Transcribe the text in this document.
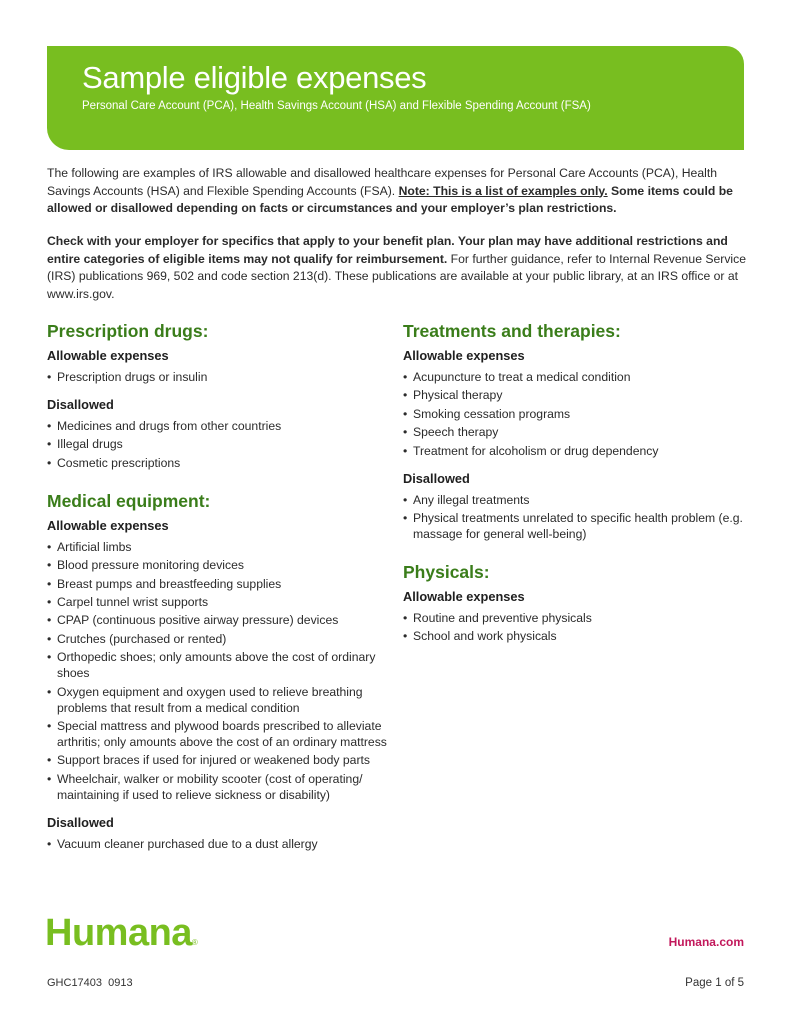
Sample eligible expenses
Personal Care Account (PCA), Health Savings Account (HSA) and Flexible Spending Account (FSA)

The following are examples of IRS allowable and disallowed healthcare expenses for Personal Care Accounts (PCA), Health Savings Accounts (HSA) and Flexible Spending Accounts (FSA). Note: This is a list of examples only. Some items could be allowed or disallowed depending on facts or circumstances and your employer’s plan restrictions.

Check with your employer for specifics that apply to your benefit plan. Your plan may have additional restrictions and entire categories of eligible items may not qualify for reimbursement. For further guidance, refer to Internal Revenue Service (IRS) publications 969, 502 and code section 213(d). These publications are available at your public library, at an IRS office or at www.irs.gov.

Prescription drugs:
Allowable expenses
• Prescription drugs or insulin
Disallowed
• Medicines and drugs from other countries
• Illegal drugs
• Cosmetic prescriptions
Medical equipment:
Allowable expenses
• Artificial limbs
• Blood pressure monitoring devices
• Breast pumps and breastfeeding supplies
• Carpel tunnel wrist supports
• CPAP (continuous positive airway pressure) devices
• Crutches (purchased or rented)
• Orthopedic shoes; only amounts above the cost of ordinary shoes
• Oxygen equipment and oxygen used to relieve breathing problems that result from a medical condition
• Special mattress and plywood boards prescribed to alleviate arthritis; only amounts above the cost of an ordinary mattress
• Support braces if used for injured or weakened body parts
• Wheelchair, walker or mobility scooter (cost of operating/ maintaining if used to relieve sickness or disability)
Disallowed
• Vacuum cleaner purchased due to a dust allergy
Treatments and therapies:
Allowable expenses
• Acupuncture to treat a medical condition
• Physical therapy
• Smoking cessation programs
• Speech therapy
• Treatment for alcoholism or drug dependency
Disallowed
• Any illegal treatments
• Physical treatments unrelated to specific health problem (e.g. massage for general well-being)
Physicals:
Allowable expenses
• Routine and preventive physicals
• School and work physicals
Humana®	Humana.com
GHC17403  0913	Page 1 of 5
